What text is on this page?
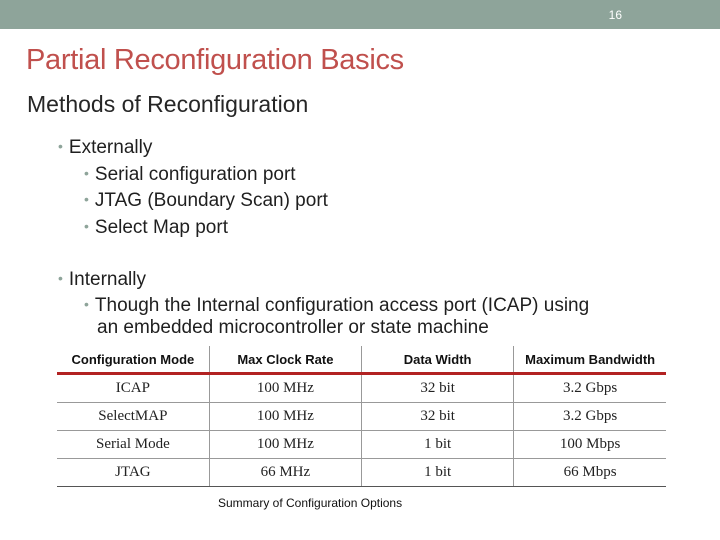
16
Partial Reconfiguration Basics
Methods of Reconfiguration
• Externally
• Serial configuration port
• JTAG (Boundary Scan) port
• Select Map port
• Internally
• Though the Internal configuration access port (ICAP) using
an embedded microcontroller or state machine
Configuration Mode	Max Clock Rate	Data Width	Maximum Bandwidth
ICAP	100 MHz	32 bit	3.2 Gbps
SelectMAP	100 MHz	32 bit	3.2 Gbps
Serial Mode	100 MHz	1 bit	100 Mbps
JTAG	66 MHz	1 bit	66 Mbps
Summary of Configuration Options
